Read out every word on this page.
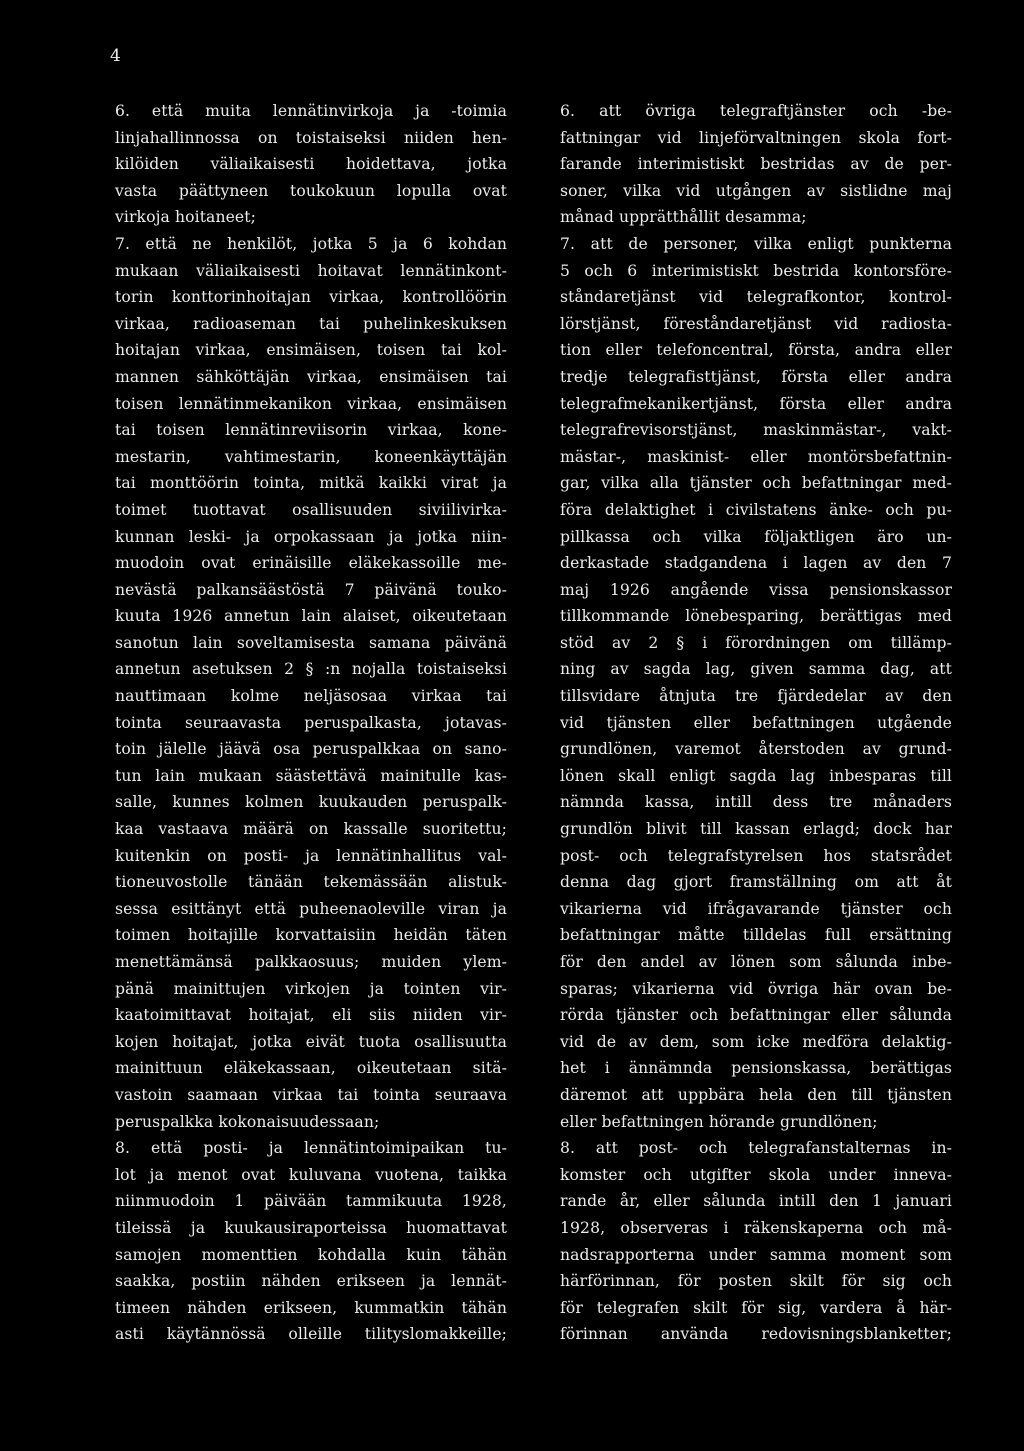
4
6. että muita lennätinvirkoja ja -toimia
linjahallinnossa on toistaiseksi niiden hen-
kilöiden väliaikaisesti hoidettava, jotka
vasta päättyneen toukokuun lopulla ovat
virkoja hoitaneet;
7. että ne henkilöt, jotka 5 ja 6 kohdan
mukaan väliaikaisesti hoitavat lennätinkont-
torin konttorinhoitajan virkaa, kontrollöörin
virkaa, radioaseman tai puhelinkeskuksen
hoitajan virkaa, ensimäisen, toisen tai kol-
mannen sähköttäjän virkaa, ensimäisen tai
toisen lennätinmekanikon virkaa, ensimäisen
tai toisen lennätinreviisorin virkaa, kone-
mestarin, vahtimestarin, koneenkäyttäjän
tai monttöörin tointa, mitkä kaikki virat ja
toimet tuottavat osallisuuden siviilivirka-
kunnan leski- ja orpokassaan ja jotka niin-
muodoin ovat erinäisille eläkekassoille me-
nevästä palkansäästöstä 7 päivänä touko-
kuuta 1926 annetun lain alaiset, oikeutetaan
sanotun lain soveltamisesta samana päivänä
annetun asetuksen 2 § :n nojalla toistaiseksi
nauttimaan kolme neljäsosaa virkaa tai
tointa seuraavasta peruspalkasta, jotavas-
toin jälelle jäävä osa peruspalkkaa on sano-
tun lain mukaan säästettävä mainitulle kas-
salle, kunnes kolmen kuukauden peruspalk-
kaa vastaava määrä on kassalle suoritettu;
kuitenkin on posti- ja lennätinhallitus val-
tioneuvostolle tänään tekemässään alistuk-
sessa esittänyt että puheenaoleville viran ja
toimen hoitajille korvattaisiin heidän täten
menettämänsä palkkaosuus; muiden ylem-
pänä mainittujen virkojen ja tointen vir-
kaatoimittavat hoitajat, eli siis niiden vir-
kojen hoitajat, jotka eivät tuota osallisuutta
mainittuun eläkekassaan, oikeutetaan sitä-
vastoin saamaan virkaa tai tointa seuraava
peruspalkka kokonaisuudessaan;
8. että posti- ja lennätintoimipaikan tu-
lot ja menot ovat kuluvana vuotena, taikka
niinmuodoin 1 päivään tammikuuta 1928,
tileissä ja kuukausiraporteissa huomattavat
samojen momenttien kohdalla kuin tähän
saakka, postiin nähden erikseen ja lennät-
timeen nähden erikseen, kummatkin tähän
asti käytännössä olleille tilityslomakkeille;
6. att övriga telegraftjänster och -be-
fattningar vid linjeförvaltningen skola fort-
farande interimistiskt bestridas av de per-
soner, vilka vid utgången av sistlidne maj
månad upprätthållit desamma;
7. att de personer, vilka enligt punkterna
5 och 6 interimistiskt bestrida kontorsföre-
ståndaretjänst vid telegrafkontor, kontrol-
lörstjänst, föreståndaretjänst vid radiosta-
tion eller telefoncentral, första, andra eller
tredje telegrafisttjänst, första eller andra
telegrafmekanikertjänst, första eller andra
telegrafrevisorstjänst, maskinmästar-, vakt-
mästar-, maskinist- eller montörsbefattnin-
gar, vilka alla tjänster och befattningar med-
föra delaktighet i civilstatens änke- och pu-
pillkassa och vilka följaktligen äro un-
derkastade stadgandena i lagen av den 7
maj 1926 angående vissa pensionskassor
tillkommande lönebesparing, berättigas med
stöd av 2 § i förordningen om tillämp-
ning av sagda lag, given samma dag, att
tillsvidare åtnjuta tre fjärdedelar av den
vid tjänsten eller befattningen utgående
grundlönen, varemot återstoden av grund-
lönen skall enligt sagda lag inbesparas till
nämnda kassa, intill dess tre månaders
grundlön blivit till kassan erlagd; dock har
post- och telegrafstyrelsen hos statsrådet
denna dag gjort framställning om att åt
vikarierna vid ifrågavarande tjänster och
befattningar måtte tilldelas full ersättning
för den andel av lönen som sålunda inbe-
sparas; vikarierna vid övriga här ovan be-
rörda tjänster och befattningar eller sålunda
vid de av dem, som icke medföra delaktig-
het i ännämnda pensionskassa, berättigas
däremot att uppbära hela den till tjänsten
eller befattningen hörande grundlönen;
8. att post- och telegrafanstalternas in-
komster och utgifter skola under inneva-
rande år, eller sålunda intill den 1 januari
1928, observeras i räkenskaperna och må-
nadsrapporterna under samma moment som
härförinnan, för posten skilt för sig och
för telegrafen skilt för sig, vardera å här-
förinnan använda redovisningsblanketter;
